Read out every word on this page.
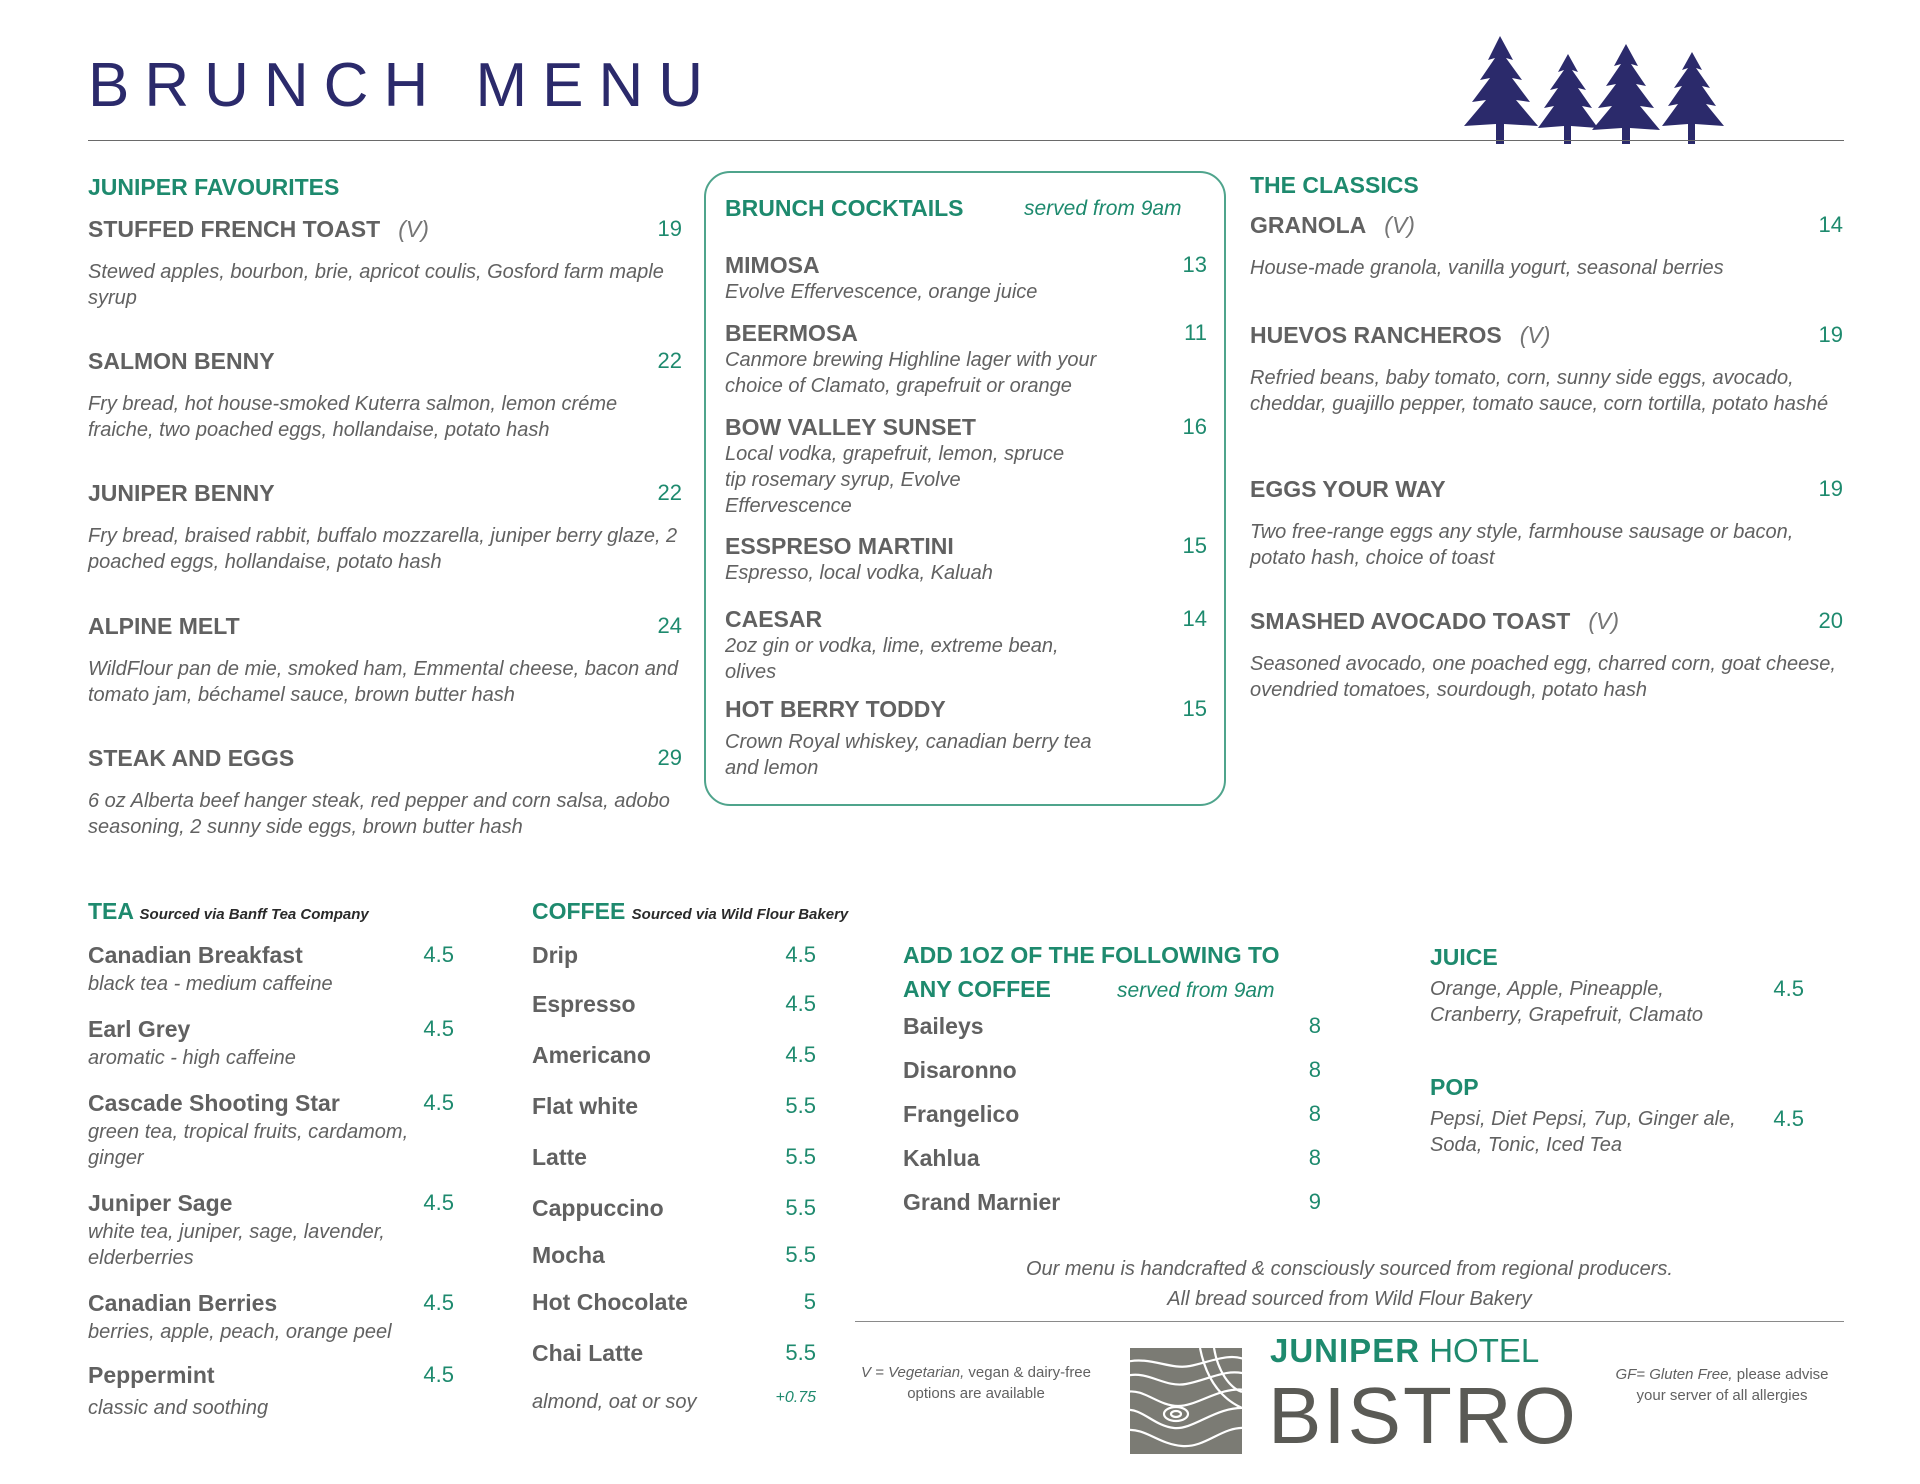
BRUNCH MENU
JUNIPER FAVOURITES
STUFFED FRENCH TOAST (V)	19
Stewed apples, bourbon, brie, apricot coulis, Gosford farm maple syrup
SALMON BENNY	22
Fry bread, hot house-smoked Kuterra salmon, lemon créme fraiche, two poached eggs, hollandaise, potato hash
JUNIPER BENNY	22
Fry bread, braised rabbit, buffalo mozzarella, juniper berry glaze, 2 poached eggs, hollandaise, potato hash
ALPINE MELT	24
WildFlour pan de mie, smoked ham, Emmental cheese, bacon and tomato jam, béchamel sauce, brown butter hash
STEAK AND EGGS	29
6 oz Alberta beef hanger steak, red pepper and corn salsa, adobo seasoning, 2 sunny side eggs, brown butter hash
BRUNCH COCKTAILS	served from 9am
MIMOSA	13
Evolve Effervescence, orange juice
BEERMOSA	11
Canmore brewing Highline lager with your choice of Clamato, grapefruit or orange
BOW VALLEY SUNSET	16
Local vodka, grapefruit, lemon, spruce tip rosemary syrup, Evolve Effervescence
ESSPRESO MARTINI	15
Espresso, local vodka, Kaluah
CAESAR	14
2oz gin or vodka, lime, extreme bean, olives
HOT BERRY TODDY	15
Crown Royal whiskey, canadian berry tea and lemon
THE CLASSICS
GRANOLA (V)	14
House-made granola, vanilla yogurt, seasonal berries
HUEVOS RANCHEROS (V)	19
Refried beans, baby tomato, corn, sunny side eggs, avocado, cheddar, guajillo pepper, tomato sauce, corn tortilla, potato hashé
EGGS YOUR WAY	19
Two free-range eggs any style, farmhouse sausage or bacon, potato hash, choice of toast
SMASHED AVOCADO TOAST (V)	20
Seasoned avocado, one poached egg, charred corn, goat cheese, ovendried tomatoes, sourdough, potato hash
TEA Sourced via Banff Tea Company
Canadian Breakfast	4.5
black tea - medium caffeine
Earl Grey	4.5
aromatic - high caffeine
Cascade Shooting Star	4.5
green tea, tropical fruits, cardamom, ginger
Juniper Sage	4.5
white tea, juniper, sage, lavender, elderberries
Canadian Berries	4.5
berries, apple, peach, orange peel
Peppermint	4.5
classic and soothing
COFFEE Sourced via Wild Flour Bakery
Drip	4.5
Espresso	4.5
Americano	4.5
Flat white	5.5
Latte	5.5
Cappuccino	5.5
Mocha	5.5
Hot Chocolate	5
Chai Latte	5.5
almond, oat or soy	+0.75
ADD 1OZ OF THE FOLLOWING TO
ANY COFFEE	served from 9am
Baileys	8
Disaronno	8
Frangelico	8
Kahlua	8
Grand Marnier	9
JUICE
Orange, Apple, Pineapple, Cranberry, Grapefruit, Clamato
4.5
POP
Pepsi, Diet Pepsi, 7up, Ginger ale, Soda, Tonic, Iced Tea
4.5
Our menu is handcrafted & consciously sourced from regional producers.
All bread sourced from Wild Flour Bakery
V = Vegetarian, vegan & dairy-free options are available
GF= Gluten Free, please advise your server of all allergies
JUNIPER HOTEL
BISTRO
